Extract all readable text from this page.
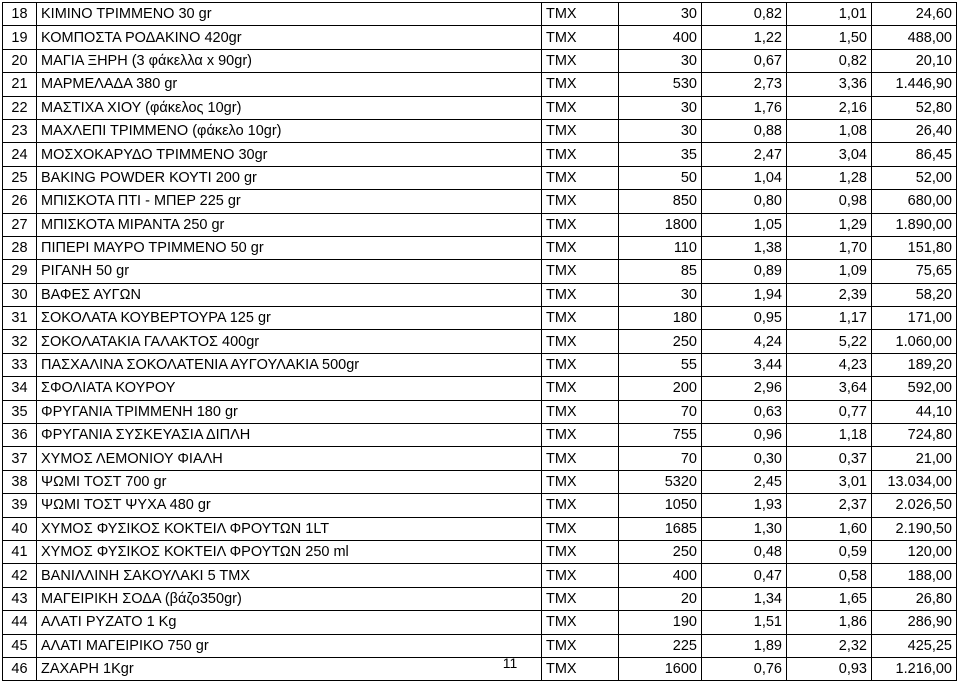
18	ΚΙΜΙΝΟ ΤΡΙΜΜΕΝΟ 30 gr	ΤΜΧ	30	0,82	1,01	24,60
19	ΚΟΜΠΟΣΤΑ ΡΟΔΑΚΙΝΟ 420gr	ΤΜΧ	400	1,22	1,50	488,00
20	ΜΑΓΙΑ ΞΗΡΗ (3 φάκελλα x 90gr)	ΤΜΧ	30	0,67	0,82	20,10
21	ΜΑΡΜΕΛΑΔΑ 380 gr	ΤΜΧ	530	2,73	3,36	1.446,90
22	ΜΑΣΤΙΧΑ ΧΙΟΥ (φάκελος 10gr)	ΤΜΧ	30	1,76	2,16	52,80
23	ΜΑΧΛΕΠΙ ΤΡΙΜΜΕΝΟ (φάκελο 10gr)	ΤΜΧ	30	0,88	1,08	26,40
24	ΜΟΣΧΟΚΑΡΥΔΟ ΤΡΙΜΜΕΝΟ 30gr	ΤΜΧ	35	2,47	3,04	86,45
25	BAKING POWDER ΚΟΥΤΙ 200 gr	ΤΜΧ	50	1,04	1,28	52,00
26	ΜΠΙΣΚΟΤΑ ΠΤΙ - ΜΠΕΡ 225 gr	ΤΜΧ	850	0,80	0,98	680,00
27	ΜΠΙΣΚΟΤΑ ΜΙΡΑΝΤΑ 250 gr	ΤΜΧ	1800	1,05	1,29	1.890,00
28	ΠΙΠΕΡΙ ΜΑΥΡΟ ΤΡΙΜΜΕΝΟ 50 gr	ΤΜΧ	110	1,38	1,70	151,80
29	ΡΙΓΑΝΗ 50 gr	ΤΜΧ	85	0,89	1,09	75,65
30	ΒΑΦΕΣ ΑΥΓΩΝ	ΤΜΧ	30	1,94	2,39	58,20
31	ΣΟΚΟΛΑΤΑ ΚΟΥΒΕΡΤΟΥΡΑ 125 gr	ΤΜΧ	180	0,95	1,17	171,00
32	ΣΟΚΟΛΑΤΑΚΙΑ ΓΑΛΑΚΤΟΣ 400gr	ΤΜΧ	250	4,24	5,22	1.060,00
33	ΠΑΣΧΑΛΙΝΑ ΣΟΚΟΛΑΤΕΝΙΑ ΑΥΓΟΥΛΑΚΙΑ 500gr	ΤΜΧ	55	3,44	4,23	189,20
34	ΣΦΟΛΙΑΤΑ ΚΟΥΡΟΥ	ΤΜΧ	200	2,96	3,64	592,00
35	ΦΡΥΓΑΝΙΑ ΤΡΙΜΜΕΝΗ 180 gr	ΤΜΧ	70	0,63	0,77	44,10
36	ΦΡΥΓΑΝΙΑ ΣΥΣΚΕΥΑΣΙΑ ΔΙΠΛΗ	ΤΜΧ	755	0,96	1,18	724,80
37	ΧΥΜΟΣ ΛΕΜΟΝΙΟΥ ΦΙΑΛΗ	ΤΜΧ	70	0,30	0,37	21,00
38	ΨΩΜΙ ΤΟΣΤ 700 gr	ΤΜΧ	5320	2,45	3,01	13.034,00
39	ΨΩΜΙ ΤΟΣΤ ΨΥΧΑ 480 gr	ΤΜΧ	1050	1,93	2,37	2.026,50
40	ΧΥΜΟΣ ΦΥΣΙΚΟΣ ΚΟΚΤΕΙΛ ΦΡΟΥΤΩΝ 1LT	ΤΜΧ	1685	1,30	1,60	2.190,50
41	ΧΥΜΟΣ ΦΥΣΙΚΟΣ ΚΟΚΤΕΙΛ ΦΡΟΥΤΩΝ 250 ml	ΤΜΧ	250	0,48	0,59	120,00
42	ΒΑΝΙΛΛΙΝΗ ΣΑΚΟΥΛΑΚΙ 5 ΤΜΧ	ΤΜΧ	400	0,47	0,58	188,00
43	ΜΑΓΕΙΡΙΚΗ ΣΟΔΑ (βάζο350gr)	ΤΜΧ	20	1,34	1,65	26,80
44	ΑΛΑΤΙ ΡΥΖΑΤΟ 1 Kg	ΤΜΧ	190	1,51	1,86	286,90
45	ΑΛΑΤΙ ΜΑΓΕΙΡΙΚΟ 750 gr	ΤΜΧ	225	1,89	2,32	425,25
46	ΖΑΧΑΡΗ 1Kgr	ΤΜΧ	1600	0,76	0,93	1.216,00
11
